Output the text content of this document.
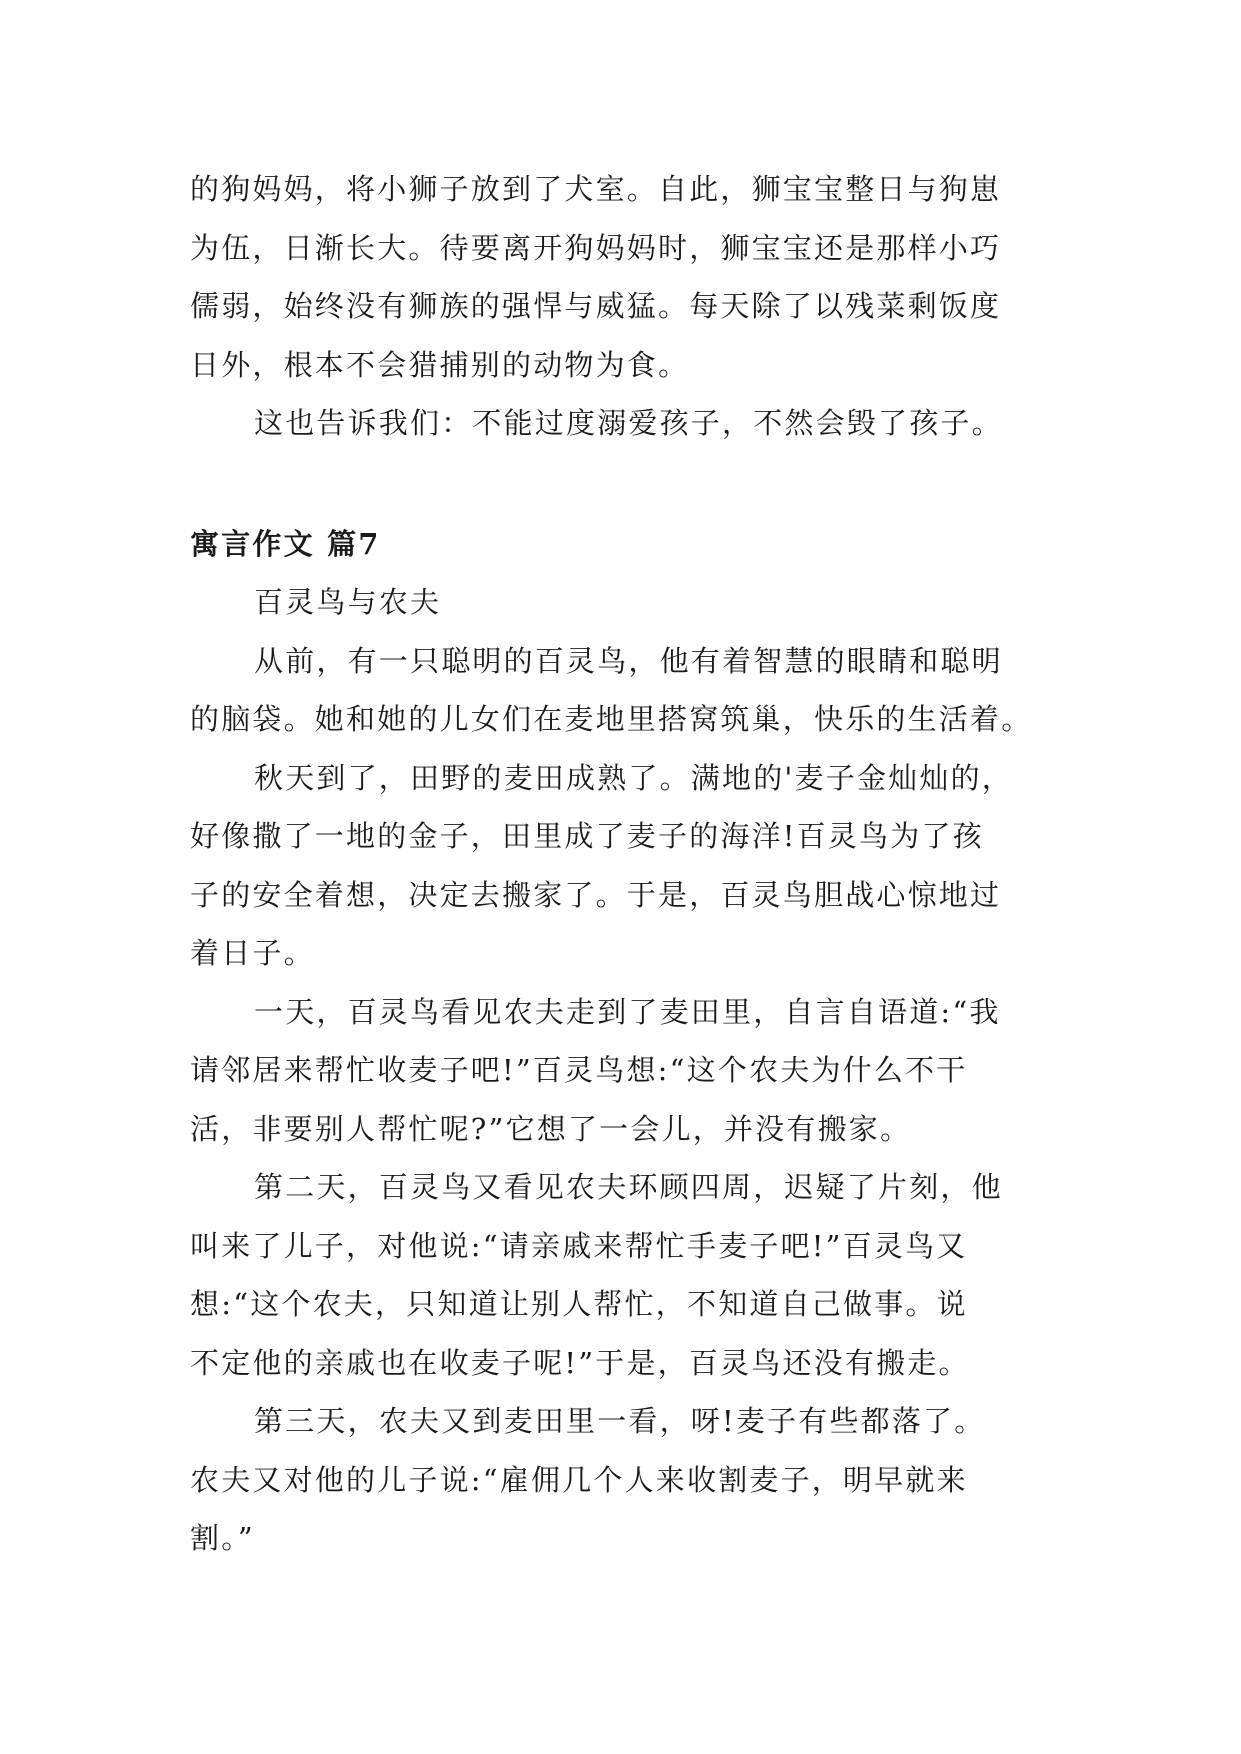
的狗妈妈，将小狮子放到了犬室。自此，狮宝宝整日与狗崽
为伍，日渐长大。待要离开狗妈妈时，狮宝宝还是那样小巧
儒弱，始终没有狮族的强悍与威猛。每天除了以残菜剩饭度
日外，根本不会猎捕别的动物为食。

这也告诉我们：不能过度溺爱孩子，不然会毁了孩子。

寓言作文 篇7

百灵鸟与农夫

从前，有一只聪明的百灵鸟，他有着智慧的眼睛和聪明
的脑袋。她和她的儿女们在麦地里搭窝筑巢，快乐的生活着。

秋天到了，田野的麦田成熟了。满地的'麦子金灿灿的，
好像撒了一地的金子，田里成了麦子的海洋!百灵鸟为了孩
子的安全着想，决定去搬家了。于是，百灵鸟胆战心惊地过
着日子。

一天，百灵鸟看见农夫走到了麦田里，自言自语道:“我
请邻居来帮忙收麦子吧!”百灵鸟想:“这个农夫为什么不干
活，非要别人帮忙呢?”它想了一会儿，并没有搬家。

第二天，百灵鸟又看见农夫环顾四周，迟疑了片刻，他
叫来了儿子，对他说:“请亲戚来帮忙手麦子吧!”百灵鸟又
想:“这个农夫，只知道让别人帮忙，不知道自己做事。说
不定他的亲戚也在收麦子呢!”于是，百灵鸟还没有搬走。

第三天，农夫又到麦田里一看，呀!麦子有些都落了。
农夫又对他的儿子说:“雇佣几个人来收割麦子，明早就来
割。”
